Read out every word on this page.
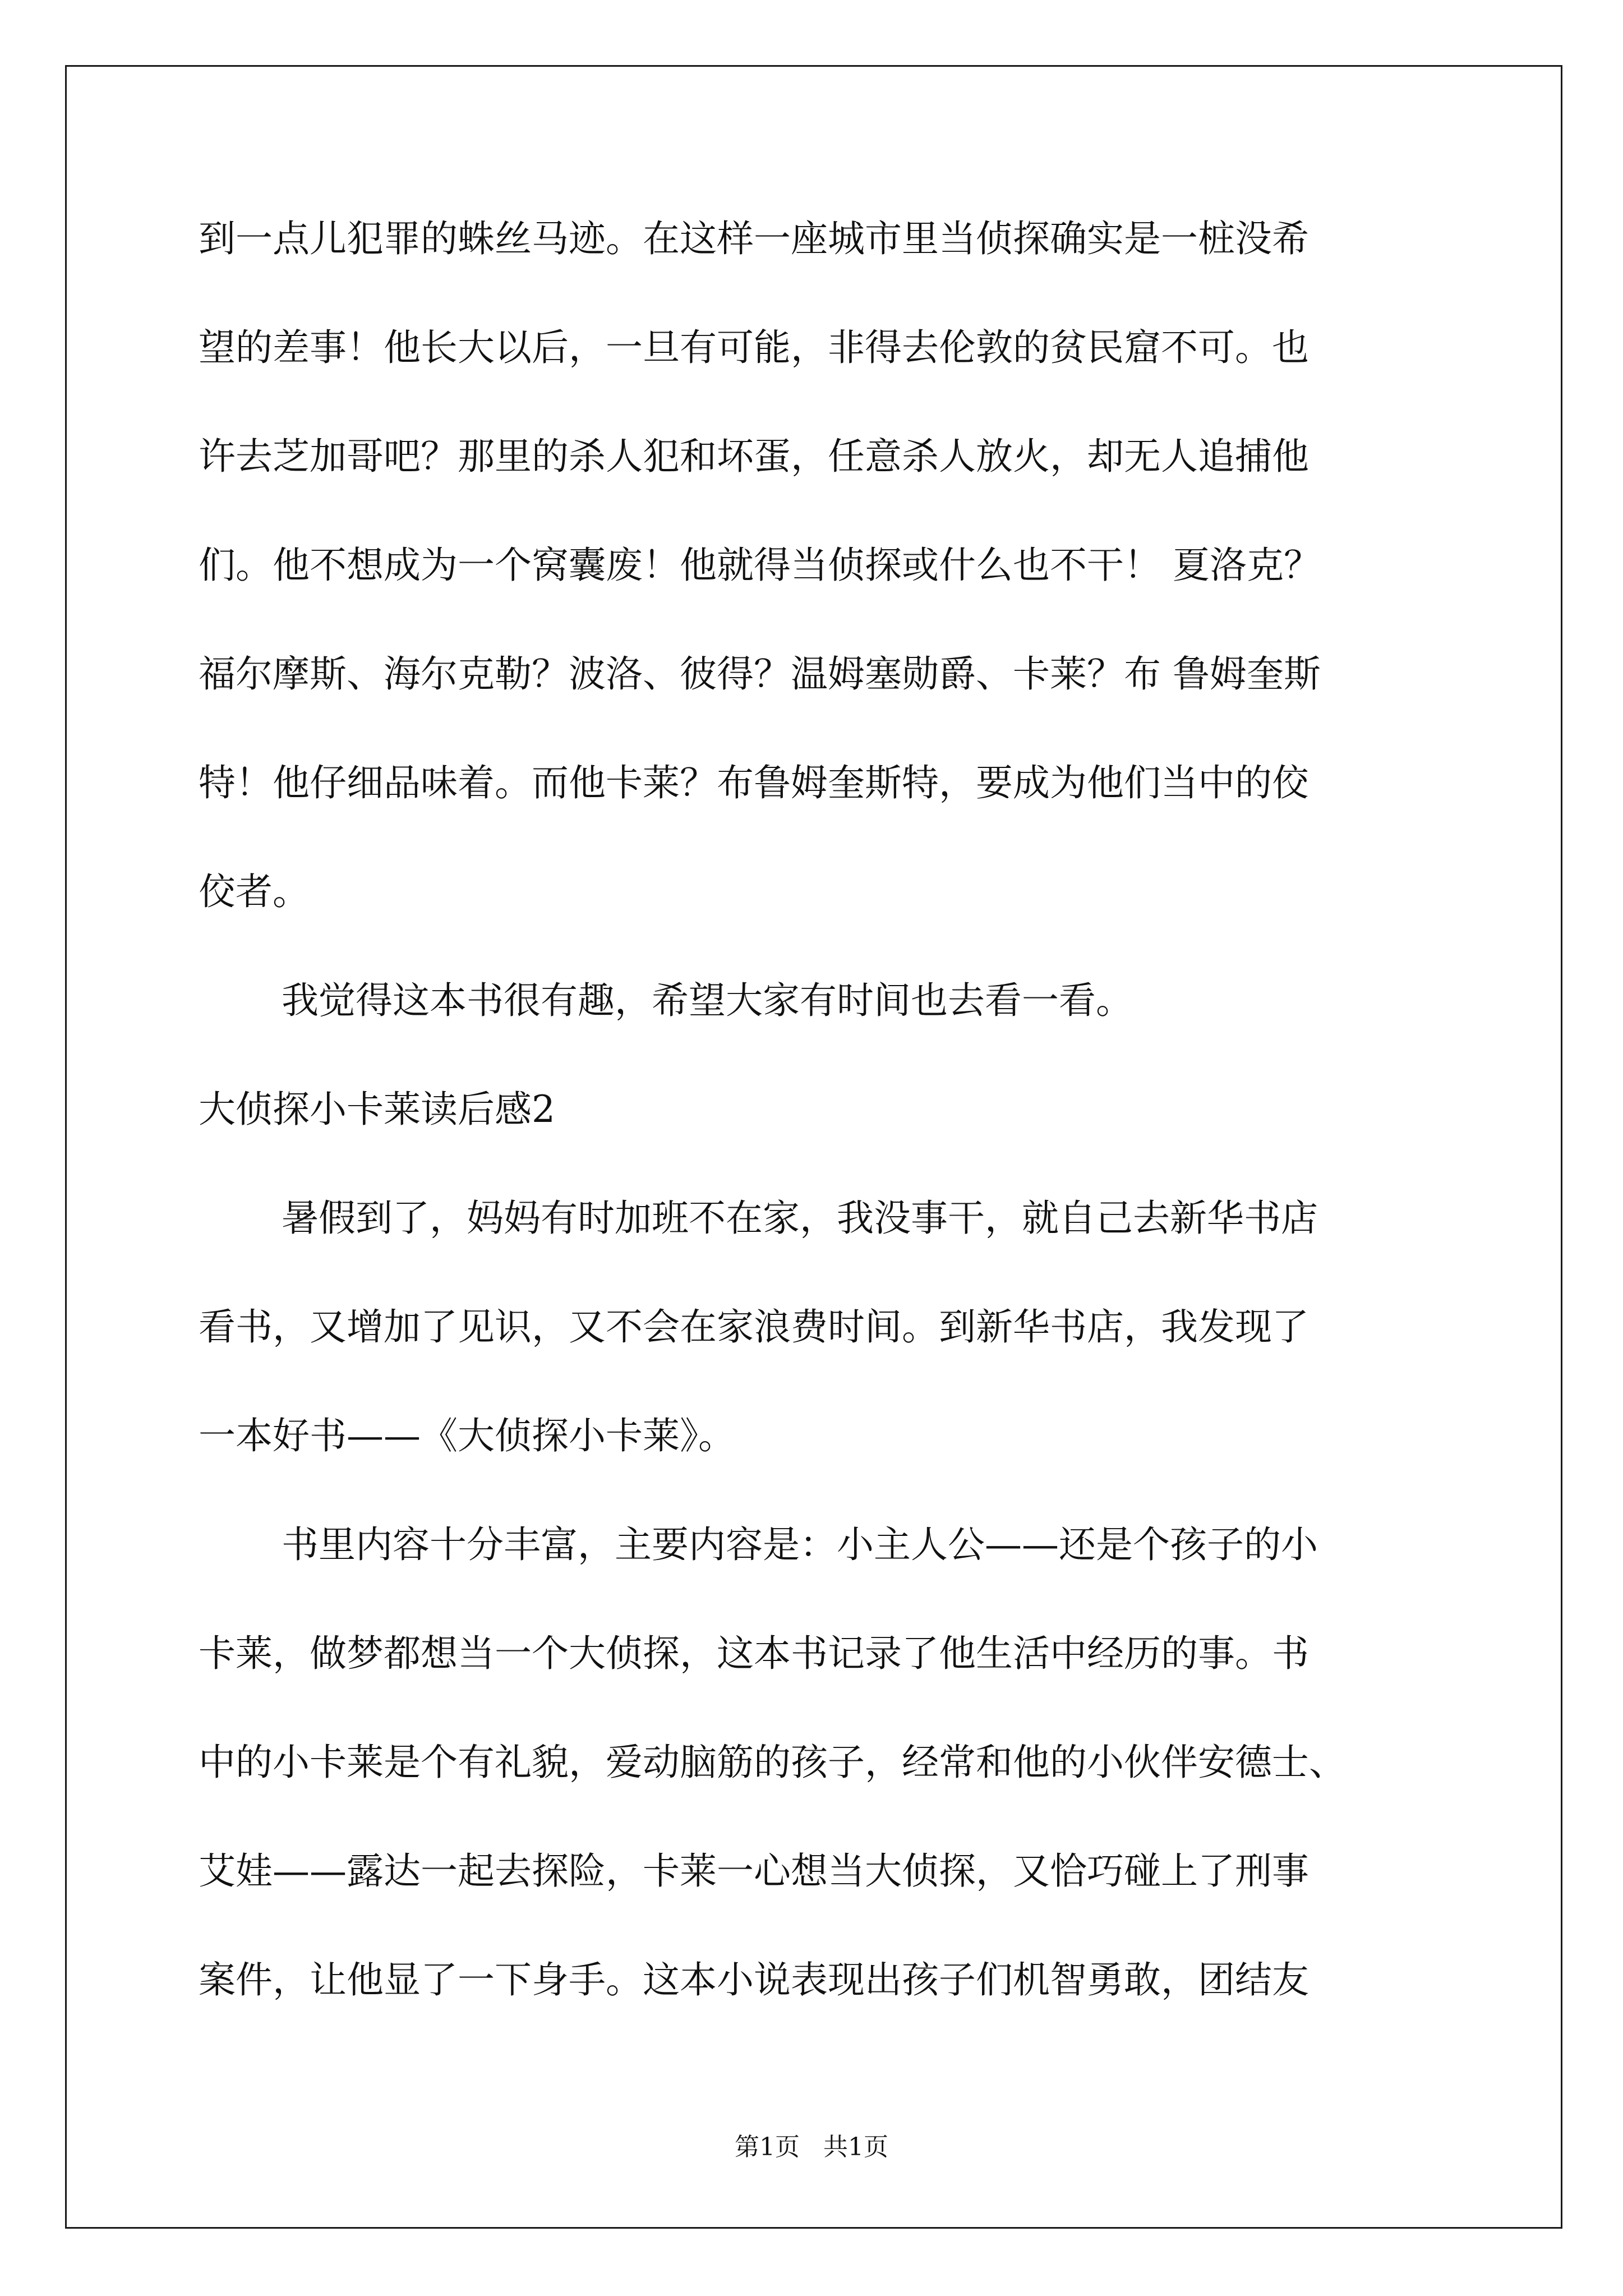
到一点儿犯罪的蛛丝马迹。在这样一座城市里当侦探确实是一桩没希
望的差事！他长大以后，一旦有可能，非得去伦敦的贫民窟不可。也
许去芝加哥吧？那里的杀人犯和坏蛋，任意杀人放火，却无人追捕他
们。他不想成为一个窝囊废！他就得当侦探或什么也不干！ 夏洛克？
福尔摩斯、海尔克勒？波洛、彼得？温姆塞勋爵、卡莱？布 鲁姆奎斯
特！他仔细品味着。而他卡莱？布鲁姆奎斯特，要成为他们当中的佼
佼者。
我觉得这本书很有趣，希望大家有时间也去看一看。
大侦探小卡莱读后感2
暑假到了，妈妈有时加班不在家，我没事干，就自己去新华书店
看书，又增加了见识，又不会在家浪费时间。到新华书店，我发现了
一本好书——《大侦探小卡莱》。
书里内容十分丰富，主要内容是：小主人公——还是个孩子的小
卡莱，做梦都想当一个大侦探，这本书记录了他生活中经历的事。书
中的小卡莱是个有礼貌，爱动脑筋的孩子，经常和他的小伙伴安德士、
艾娃——露达一起去探险，卡莱一心想当大侦探，又恰巧碰上了刑事
案件，让他显了一下身手。这本小说表现出孩子们机智勇敢，团结友
第1页   共1页
